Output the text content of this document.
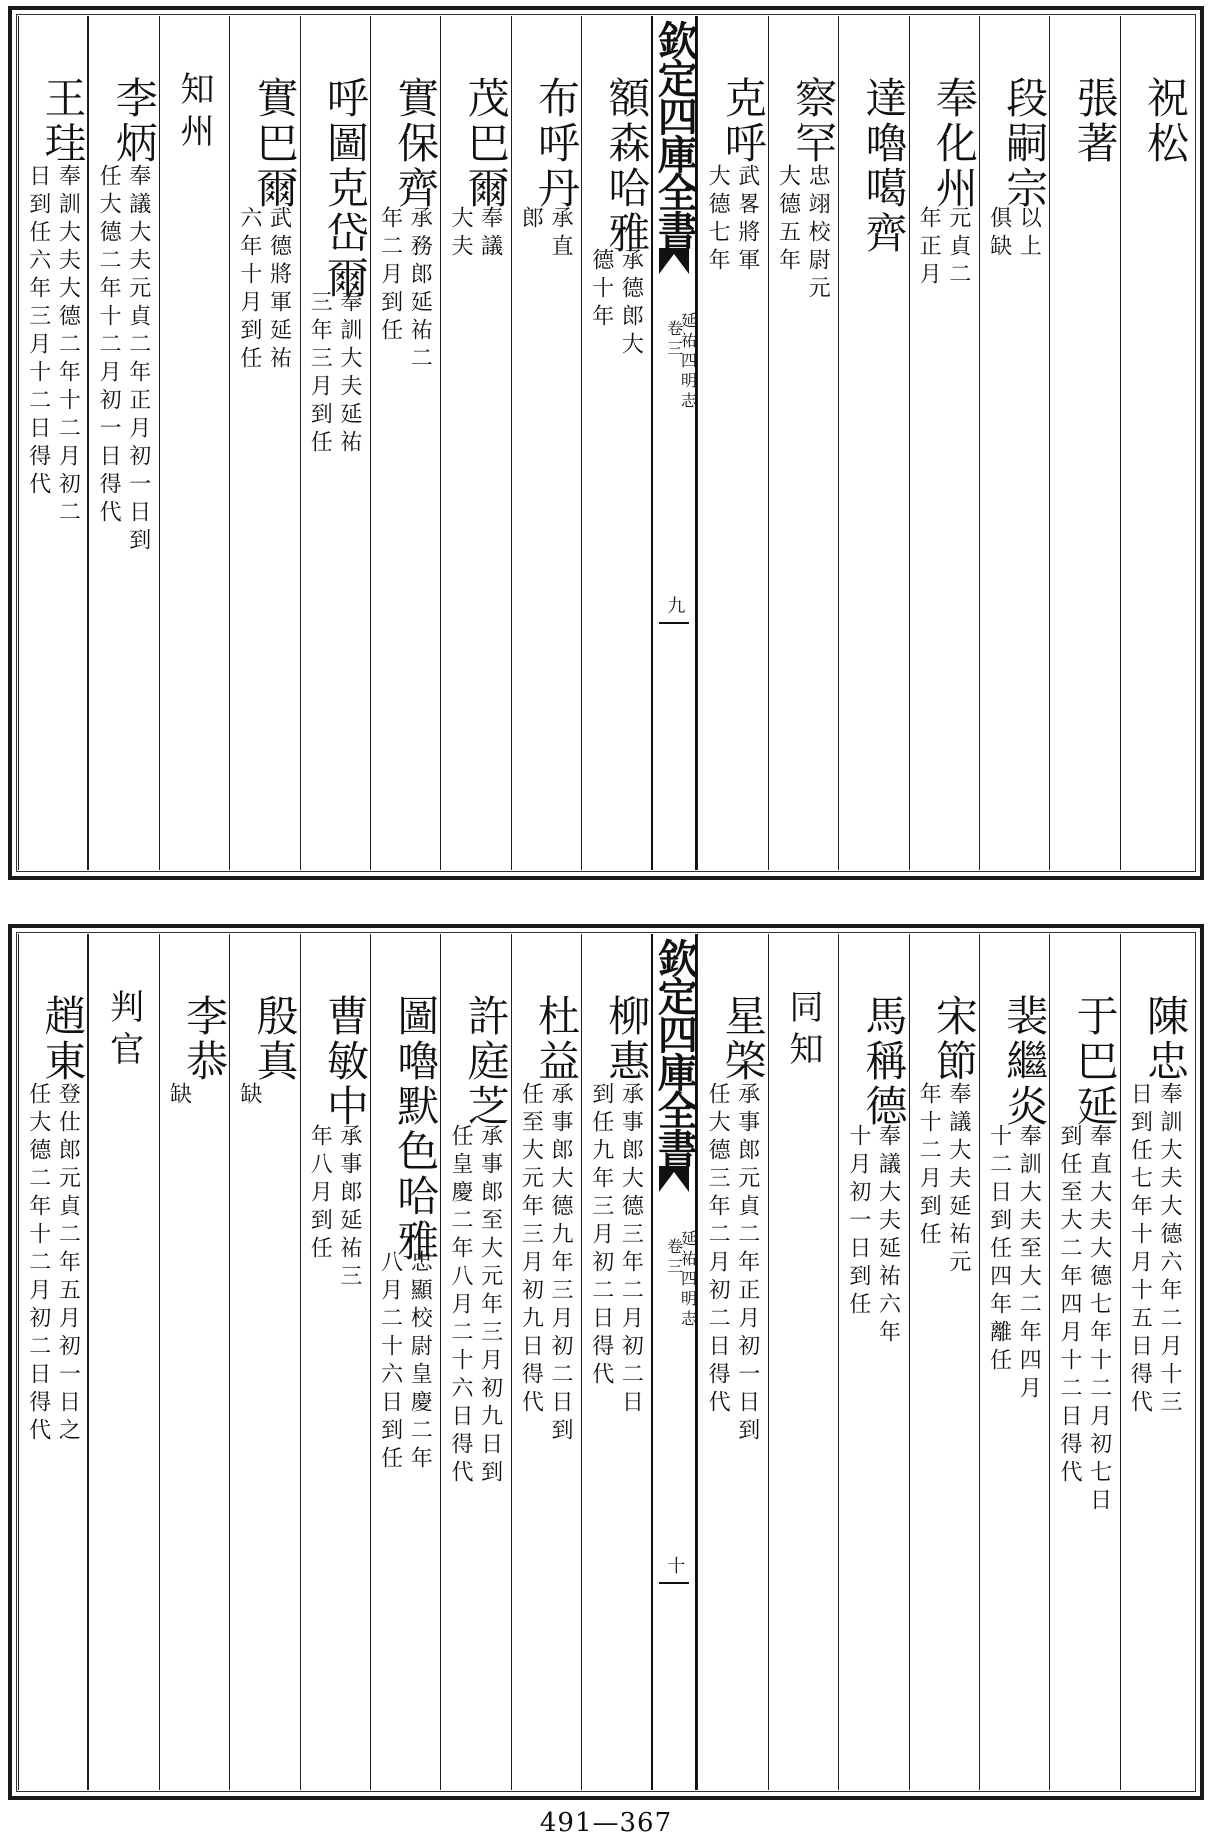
祝松
張著
段嗣宗
以上
俱缺
奉化州
元貞二
年正月
達嚕噶齊
察罕
忠翊校尉元
大德五年
克呼
武畧將軍
大德七年
欽定四庫全書
延祐四明志
卷三
九
額森哈雅
承德郎大
德十年
布呼丹
承直
郎
茂巴爾
奉議
大夫
實保齊
承務郎延祐二
年二月到任
呼圖克岱爾
奉訓大夫延祐
三年三月到任
實巴爾
武德將軍延祐
六年十月到任
知州
李炳
奉議大夫元貞二年正月初一日到
任大德二年十二月初一日得代
王珪
奉訓大夫大德二年十二月初二
日到任六年三月十二日得代
陳忠
奉訓大夫大德六年二月十三
日到任七年十月十五日得代
于巴延
奉直大夫大德七年十二月初七日
到任至大二年四月十二日得代
裴繼炎
奉訓大夫至大二年四月
十二日到任四年離任
宋節
奉議大夫延祐元
年十二月到任
馬稱德
奉議大夫延祐六年
十月初一日到任
同知
星棨
承事郎元貞二年正月初一日到
任大德三年二月初二日得代
欽定四庫全書
延祐四明志
卷三
十
柳惠
承事郎大德三年二月初二日
到任九年三月初二日得代
杜益
承事郎大德九年三月初二日到
任至大元年三月初九日得代
許庭芝
承事郎至大元年三月初九日到
任皇慶二年八月二十六日得代
圖嚕默色哈雅
忠顯校尉皇慶二年
八月二十六日到任
曹敏中
承事郎延祐三
年八月到任
殷真
缺
李恭
缺
判官
趙東
登仕郎元貞二年五月初一日之
任大德二年十二月初二日得代
491—367
